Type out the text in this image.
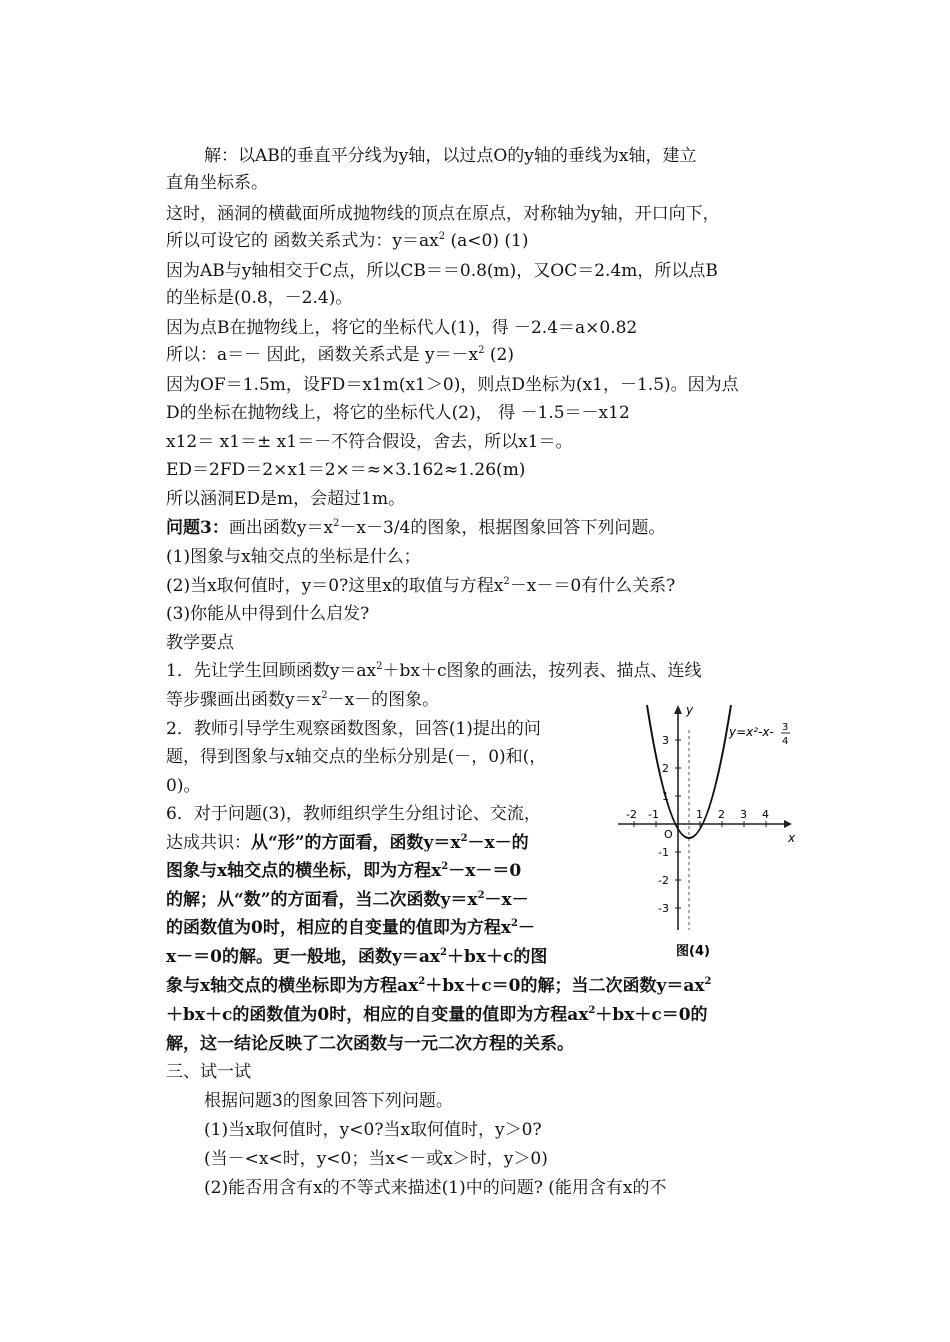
解：以AB的垂直平分线为y轴，以过点O的y轴的垂线为x轴，建立
直角坐标系。
这时，涵洞的横截面所成抛物线的顶点在原点，对称轴为y轴，开口向下，
所以可设它的 函数关系式为：$y=ax^2$ (a<0) (1)
因为AB与y轴相交于C点，所以CB＝＝0.8(m)，又OC＝2.4m，所以点B
的坐标是(0.8，－2.4)。
因为点B在抛物线上，将它的坐标代人(1)，得 －2.4＝a×0.82
所以：a＝－ 因此，函数关系式是 $y=-x^2$ (2)
因为OF＝1.5m，设FD＝x1m(x1＞0)，则点D坐标为(x1，－1.5)。因为点
D的坐标在抛物线上，将它的坐标代人(2)， 得 －1.5＝－x12
x12＝ x1＝± x1＝－不符合假设，舍去，所以x1＝。
ED＝2FD＝2×x1＝2×＝≈×3.162≈1.26(m)
所以涵洞ED是m，会超过1m。
问题3：画出函数$y=x^2-x-3/4$的图象，根据图象回答下列问题。
(1)图象与x轴交点的坐标是什么；
(2)当x取何值时，y＝0?这里x的取值与方程$x^2-x-=0$有什么关系?
(3)你能从中得到什么启发?
教学要点
1．先让学生回顾函数$y=ax^2+bx+c$图象的画法，按列表、描点、连线
等步骤画出函数$y=x^2-x-$的图象。
2．教师引导学生观察函数图象，回答(1)提出的问
题，得到图象与x轴交点的坐标分别是(－，0)和(，
0)。
6．对于问题(3)，教师组织学生分组讨论、交流，
达成共识：从“形”的方面看，函数$y=x^2-x-$的
图象与x轴交点的横坐标，即为方程$x^2-x-=0$
的解；从“数”的方面看，当二次函数$y=x^2-x-$
的函数值为0时，相应的自变量的值即为方程$x^2-$
x－＝0的解。更一般地，函数$y=ax^2+bx+c$的图
象与x轴交点的横坐标即为方程$ax^2+bx+c=0$的解；当二次函数$y=ax^2$
＋bx＋c的函数值为0时，相应的自变量的值即为方程$ax^2+bx+c=0$的
解，这一结论反映了二次函数与一元二次方程的关系。
三、试一试
根据问题3的图象回答下列问题。
(1)当x取何值时，y<0?当x取何值时，y＞0?
(当－<x<时，y<0；当x<－或x＞时，y＞0)
(2)能否用含有x的不等式来描述(1)中的问题? (能用含有x的不
x
y
O
-2 -1	1 2 3 4
3
2
1
-1
-2
-3
y=x²-x- 3
4
图(4)
